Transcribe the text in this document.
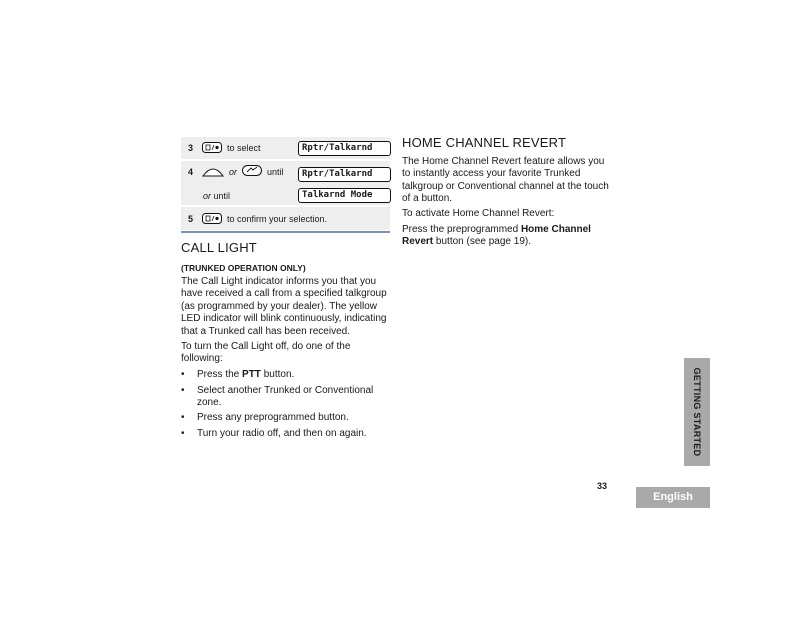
3	to select	Rptr/Talkarnd
4	or	until	Rptr/Talkarnd
or until	Talkarnd Mode
5	to confirm your selection.
CALL LIGHT
(TRUNKED OPERATION ONLY)
The Call Light indicator informs you that you have received a call from a specified talkgroup (as programmed by your dealer). The yellow LED indicator will blink continuously, indicating that a Trunked call has been received.
To turn the Call Light off, do one of the following:
• Press the PTT button.
• Select another Trunked or Conventional zone.
• Press any preprogrammed button.
• Turn your radio off, and then on again.
HOME CHANNEL REVERT
The Home Channel Revert feature allows you to instantly access your favorite Trunked talkgroup or Conventional channel at the touch of a button.
To activate Home Channel Revert:
Press the preprogrammed Home Channel Revert button (see page 19).
GETTING STARTED
33
English
